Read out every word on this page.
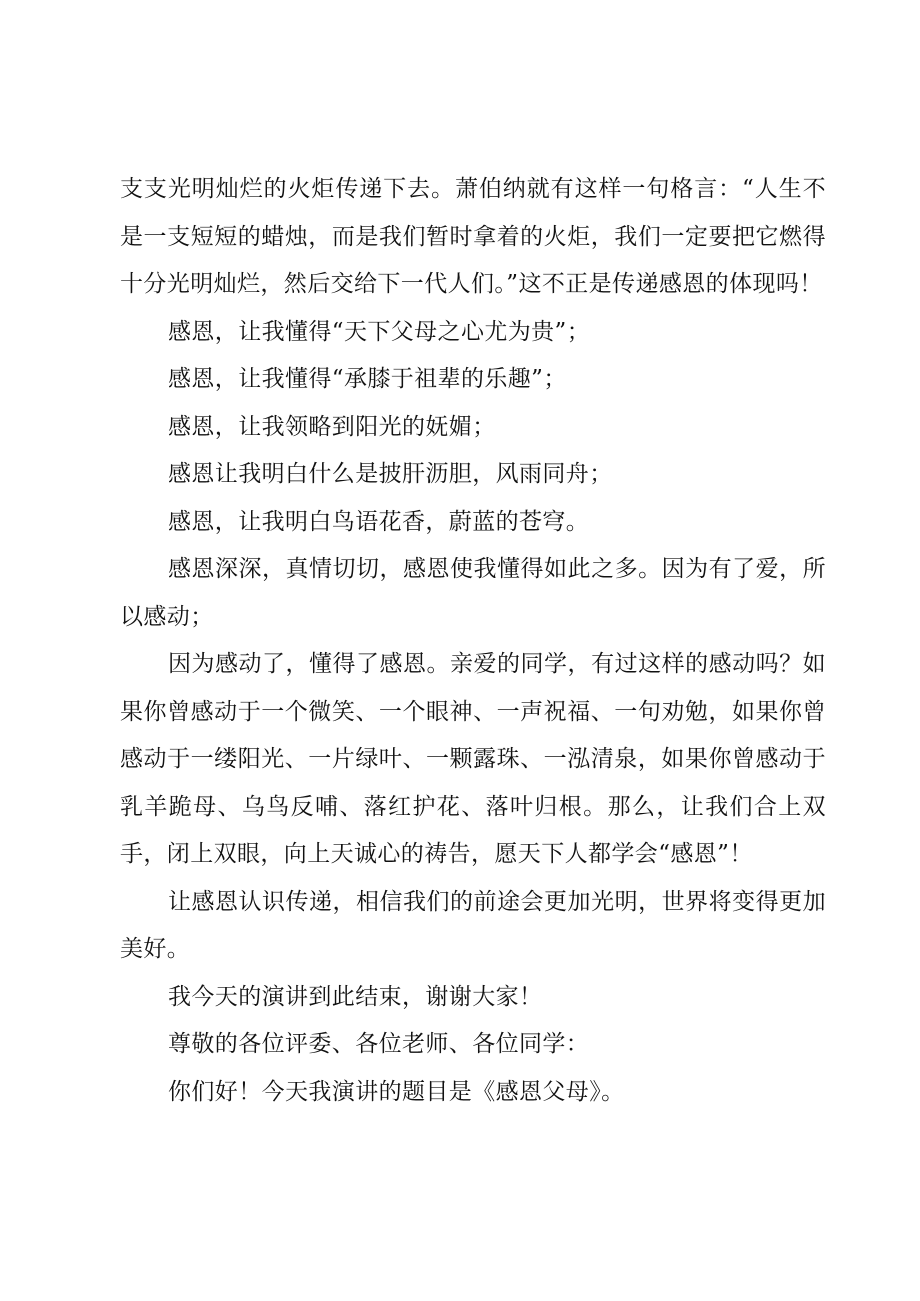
支支光明灿烂的火炬传递下去。萧伯纳就有这样一句格言：“人生不是一支短短的蜡烛，而是我们暂时拿着的火炬，我们一定要把它燃得十分光明灿烂，然后交给下一代人们。”这不正是传递感恩的体现吗！

感恩，让我懂得“天下父母之心尤为贵”；

感恩，让我懂得“承膝于祖辈的乐趣”；

感恩，让我领略到阳光的妩媚；

感恩让我明白什么是披肝沥胆，风雨同舟；

感恩，让我明白鸟语花香，蔚蓝的苍穹。

感恩深深，真情切切，感恩使我懂得如此之多。因为有了爱，所以感动；

因为感动了，懂得了感恩。亲爱的同学，有过这样的感动吗？如果你曾感动于一个微笑、一个眼神、一声祝福、一句劝勉，如果你曾感动于一缕阳光、一片绿叶、一颗露珠、一泓清泉，如果你曾感动于乳羊跪母、乌鸟反哺、落红护花、落叶归根。那么，让我们合上双手，闭上双眼，向上天诚心的祷告，愿天下人都学会“感恩”！

让感恩认识传递，相信我们的前途会更加光明，世界将变得更加美好。

我今天的演讲到此结束，谢谢大家！

尊敬的各位评委、各位老师、各位同学：

你们好！今天我演讲的题目是《感恩父母》。
